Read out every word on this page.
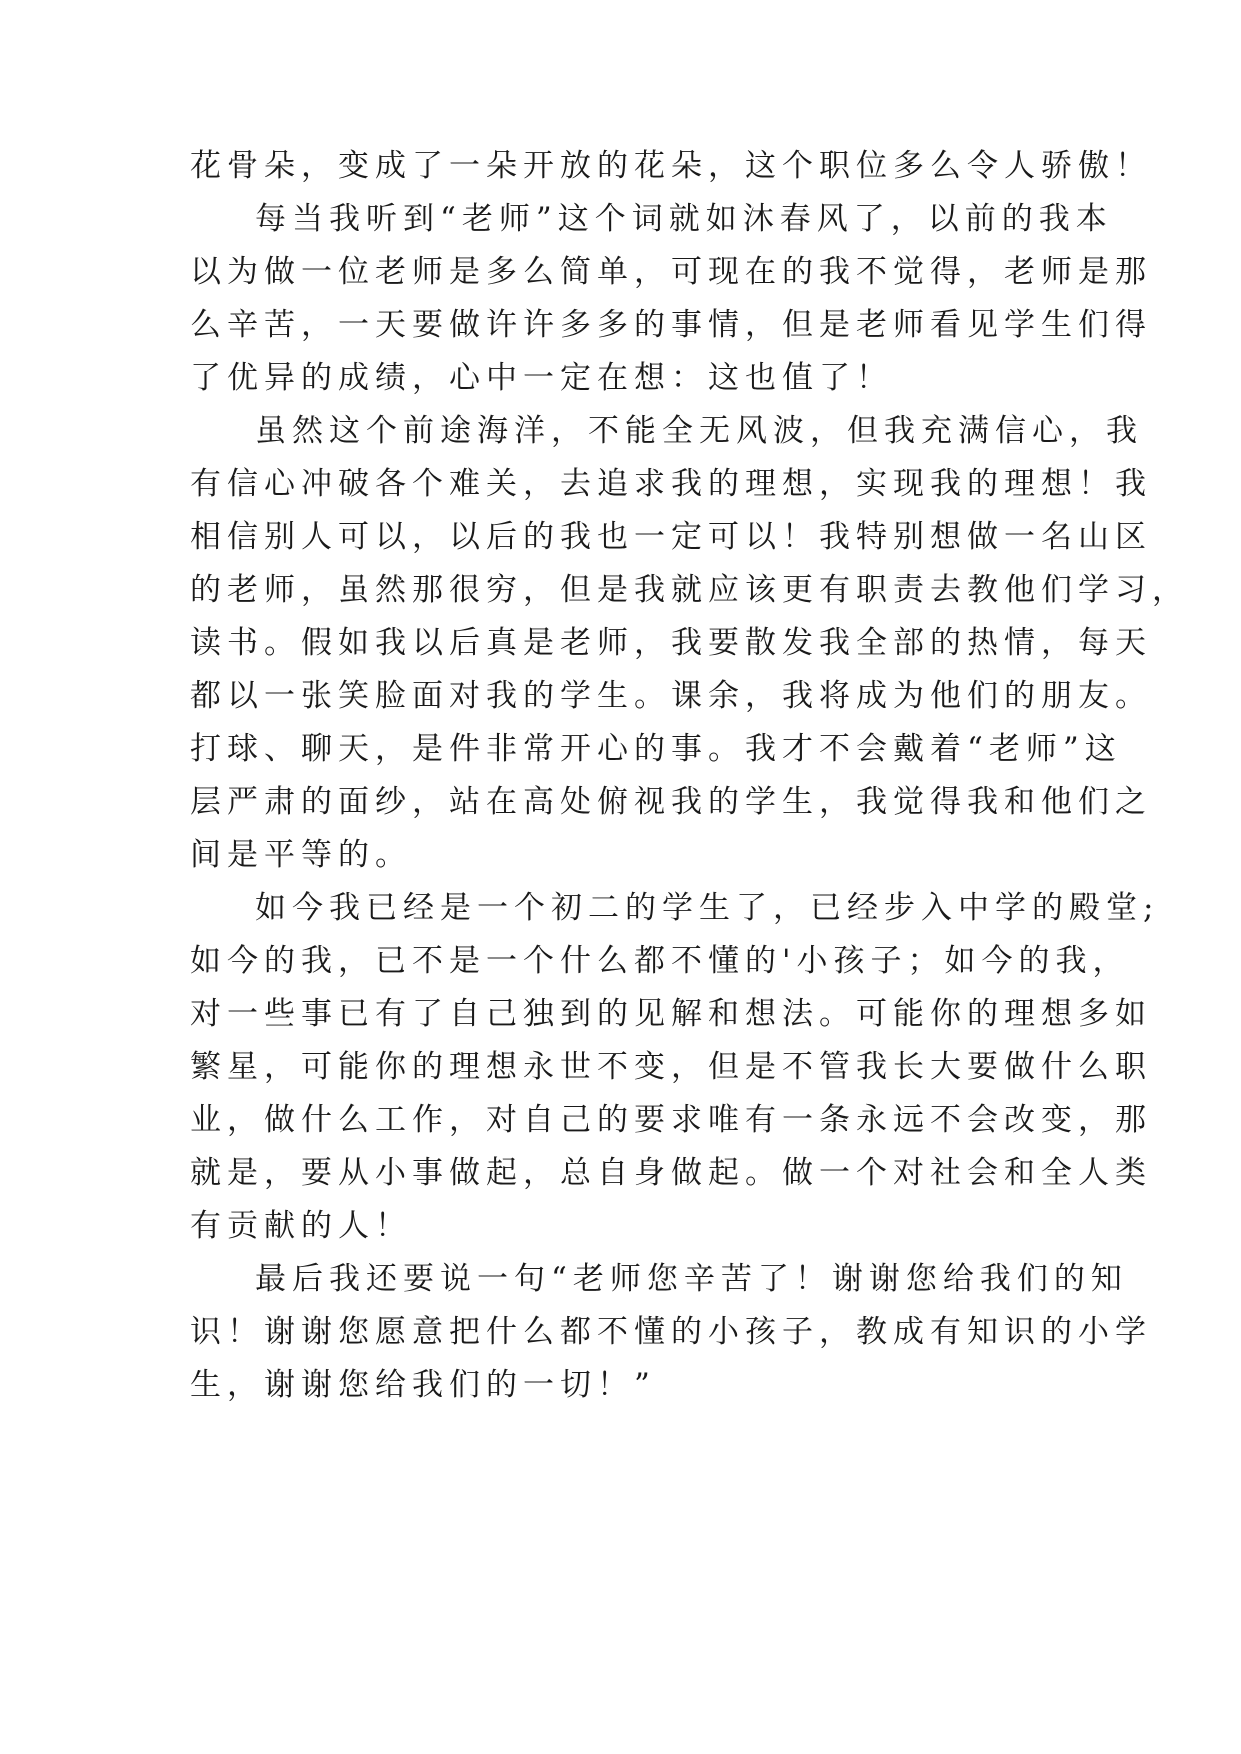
花骨朵，变成了一朵开放的花朵，这个职位多么令人骄傲！
每当我听到“老师”这个词就如沐春风了，以前的我本
以为做一位老师是多么简单，可现在的我不觉得，老师是那
么辛苦，一天要做许许多多的事情，但是老师看见学生们得
了优异的成绩，心中一定在想：这也值了！
虽然这个前途海洋，不能全无风波，但我充满信心，我
有信心冲破各个难关，去追求我的理想，实现我的理想！我
相信别人可以，以后的我也一定可以！我特别想做一名山区
的老师，虽然那很穷，但是我就应该更有职责去教他们学习，
读书。假如我以后真是老师，我要散发我全部的热情，每天
都以一张笑脸面对我的学生。课余，我将成为他们的朋友。
打球、聊天，是件非常开心的事。我才不会戴着“老师”这
层严肃的面纱，站在高处俯视我的学生，我觉得我和他们之
间是平等的。
如今我已经是一个初二的学生了，已经步入中学的殿堂;
如今的我，已不是一个什么都不懂的'小孩子；如今的我，
对一些事已有了自己独到的见解和想法。可能你的理想多如
繁星，可能你的理想永世不变，但是不管我长大要做什么职
业，做什么工作，对自己的要求唯有一条永远不会改变，那
就是，要从小事做起，总自身做起。做一个对社会和全人类
有贡献的人！
最后我还要说一句“老师您辛苦了！谢谢您给我们的知
识！谢谢您愿意把什么都不懂的小孩子，教成有知识的小学
生，谢谢您给我们的一切！”
